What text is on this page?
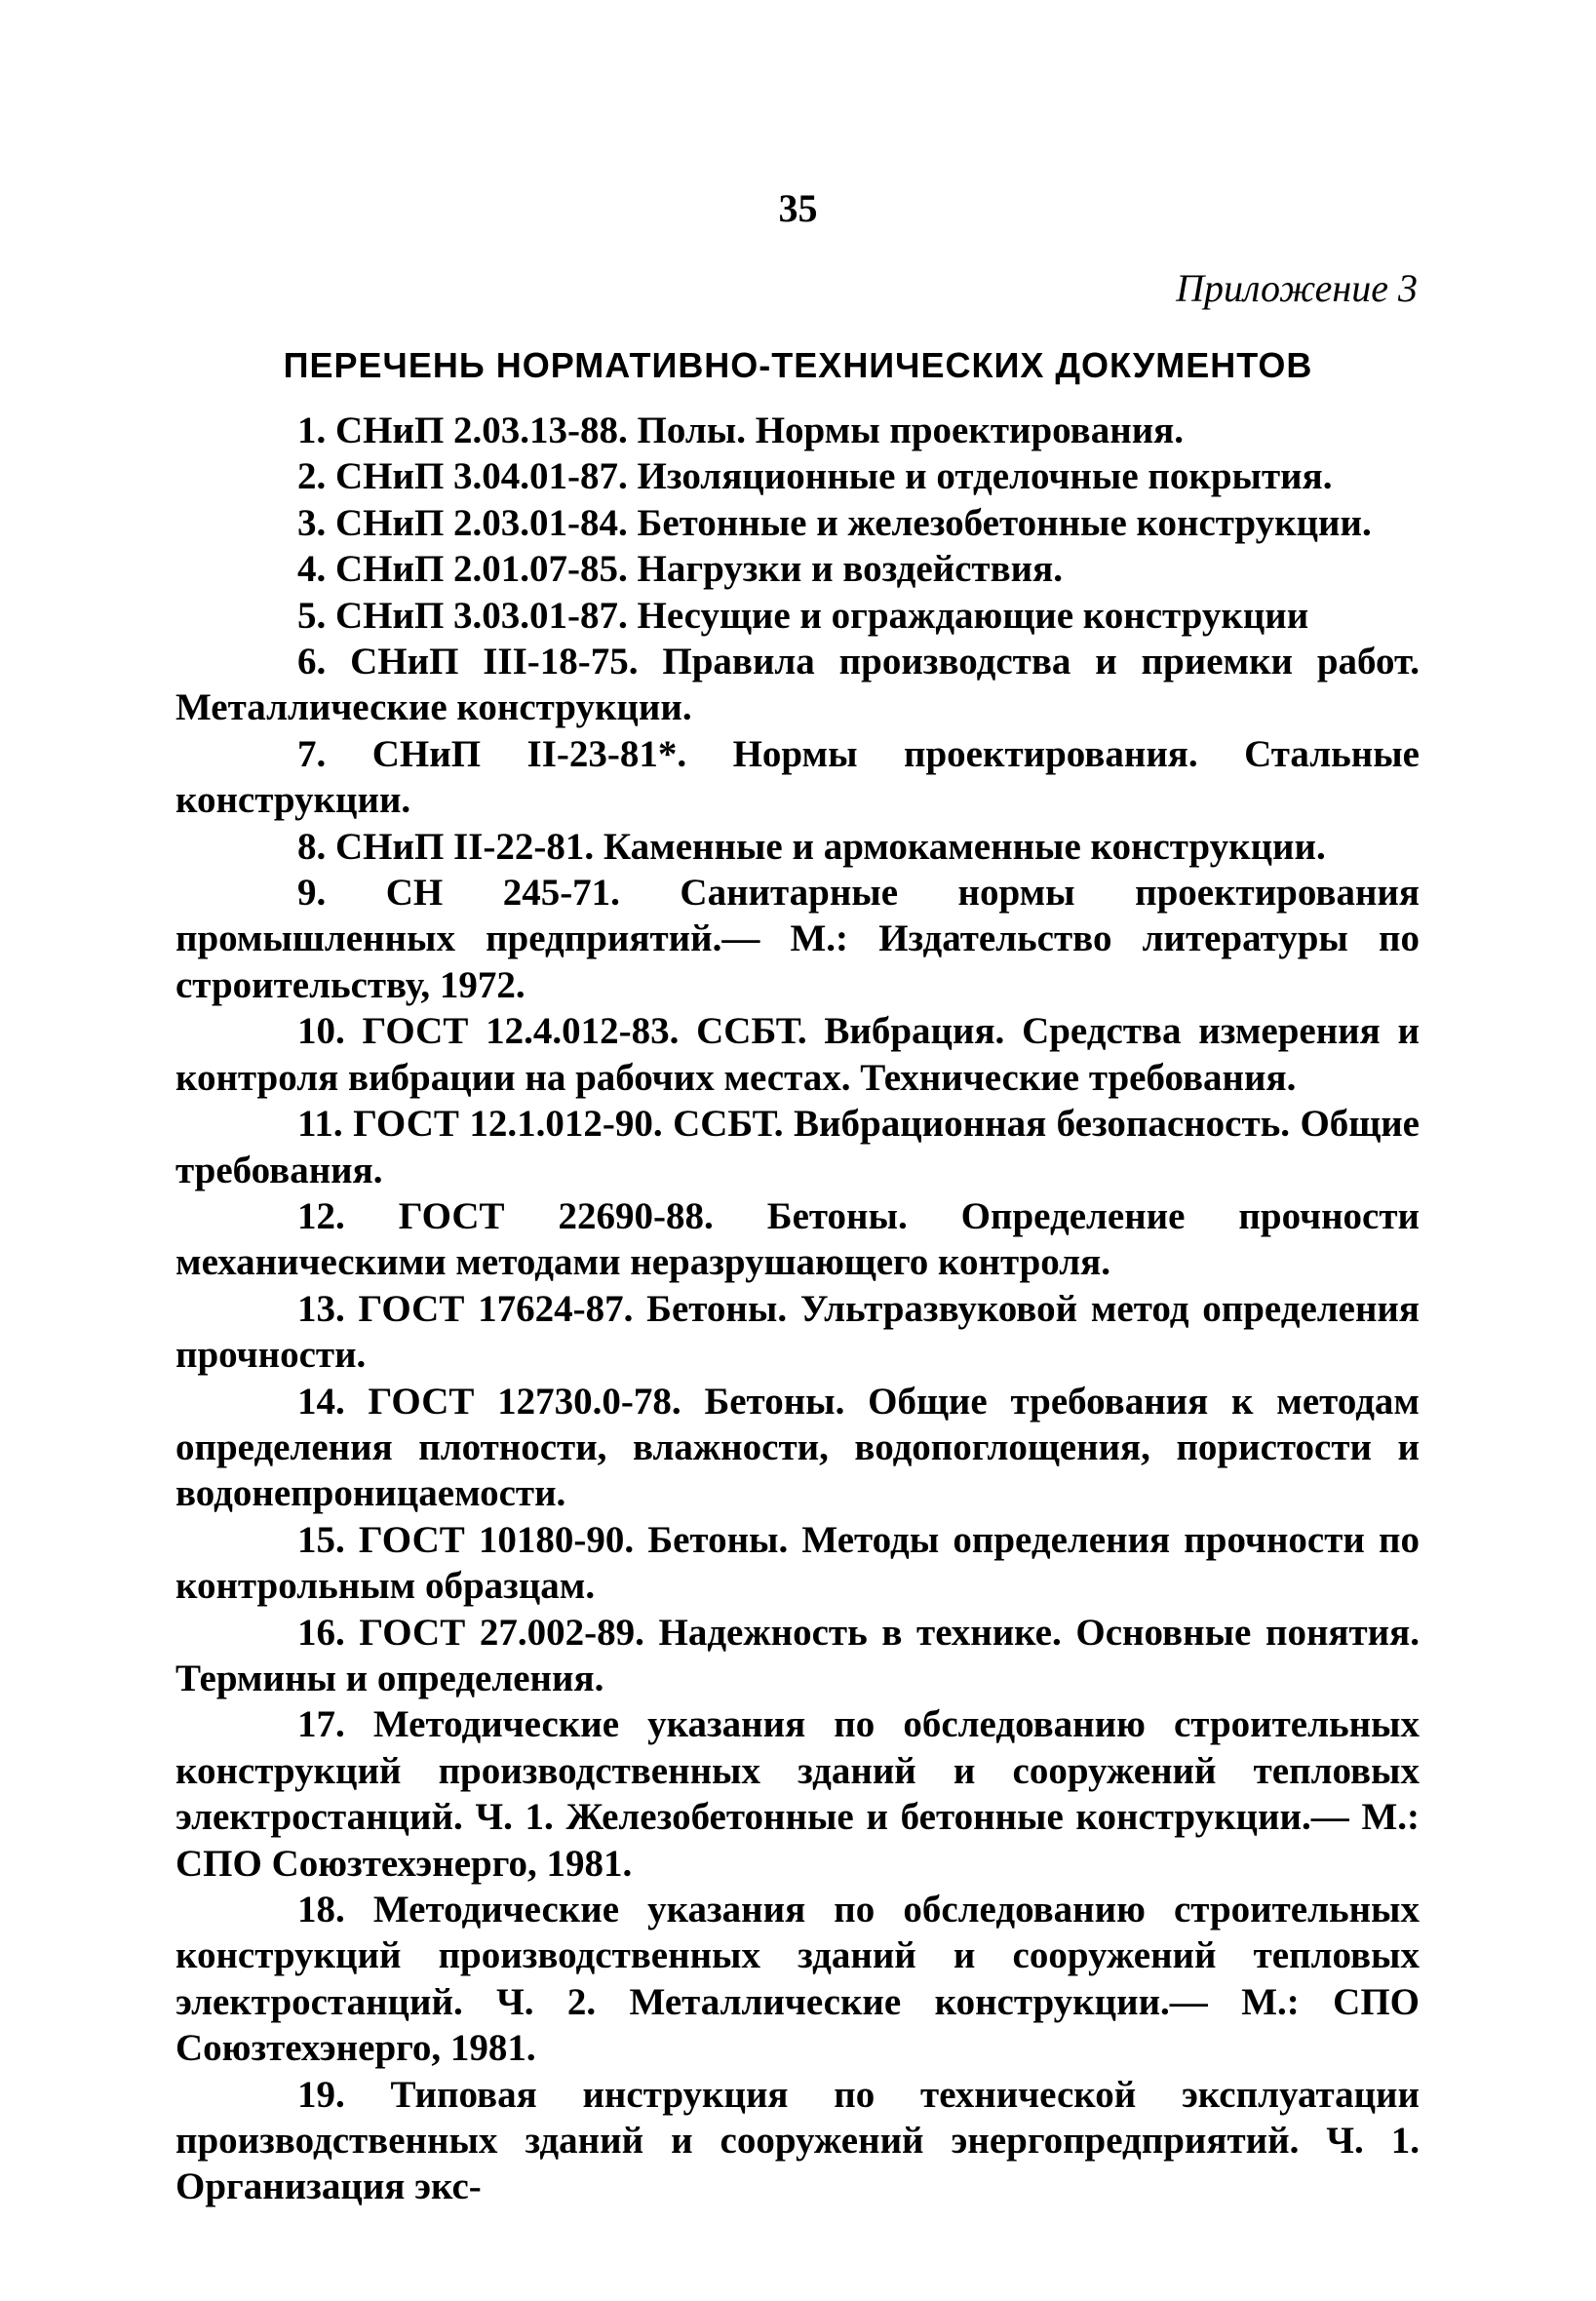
35
Приложение 3
ПЕРЕЧЕНЬ НОРМАТИВНО-ТЕХНИЧЕСКИХ ДОКУМЕНТОВ

1. СНиП 2.03.13-88. Полы. Нормы проектирования.

2. СНиП 3.04.01-87. Изоляционные и отделочные покрытия.

3. СНиП 2.03.01-84. Бетонные и железобетонные конструкции.

4. СНиП 2.01.07-85. Нагрузки и воздействия.

5. СНиП 3.03.01-87. Несущие и ограждающие конструкции

6. СНиП III-18-75. Правила производства и приемки работ. Металлические конструкции.

7. СНиП II-23-81*. Нормы проектирования. Стальные конструкции.

8. СНиП II-22-81. Каменные и армокаменные конструкции.

9. СН 245-71. Санитарные нормы проектирования промышленных предприятий.— М.: Издательство литературы по строительству, 1972.

10. ГОСТ 12.4.012-83. ССБТ. Вибрация. Средства измерения и контроля вибрации на рабочих местах. Технические требования.

11. ГОСТ 12.1.012-90. ССБТ. Вибрационная безопасность. Общие требования.

12. ГОСТ 22690-88. Бетоны. Определение прочности механическими методами неразрушающего контроля.

13. ГОСТ 17624-87. Бетоны. Ультразвуковой метод определения прочности.

14. ГОСТ 12730.0-78. Бетоны. Общие требования к методам определения плотности, влажности, водопоглощения, пористости и водонепроницаемости.

15. ГОСТ 10180-90. Бетоны. Методы определения прочности по контрольным образцам.

16. ГОСТ 27.002-89. Надежность в технике. Основные понятия. Термины и определения.

17. Методические указания по обследованию строительных конструкций производственных зданий и сооружений тепловых электростанций. Ч. 1. Железобетонные и бетонные конструкции.— М.: СПО Союзтехэнерго, 1981.

18. Методические указания по обследованию строительных конструкций производственных зданий и сооружений тепловых электростанций. Ч. 2. Металлические конструкции.— М.: СПО Союзтехэнерго, 1981.

19. Типовая инструкция по технической эксплуатации производственных зданий и сооружений энергопредприятий. Ч. 1. Организация экс-
